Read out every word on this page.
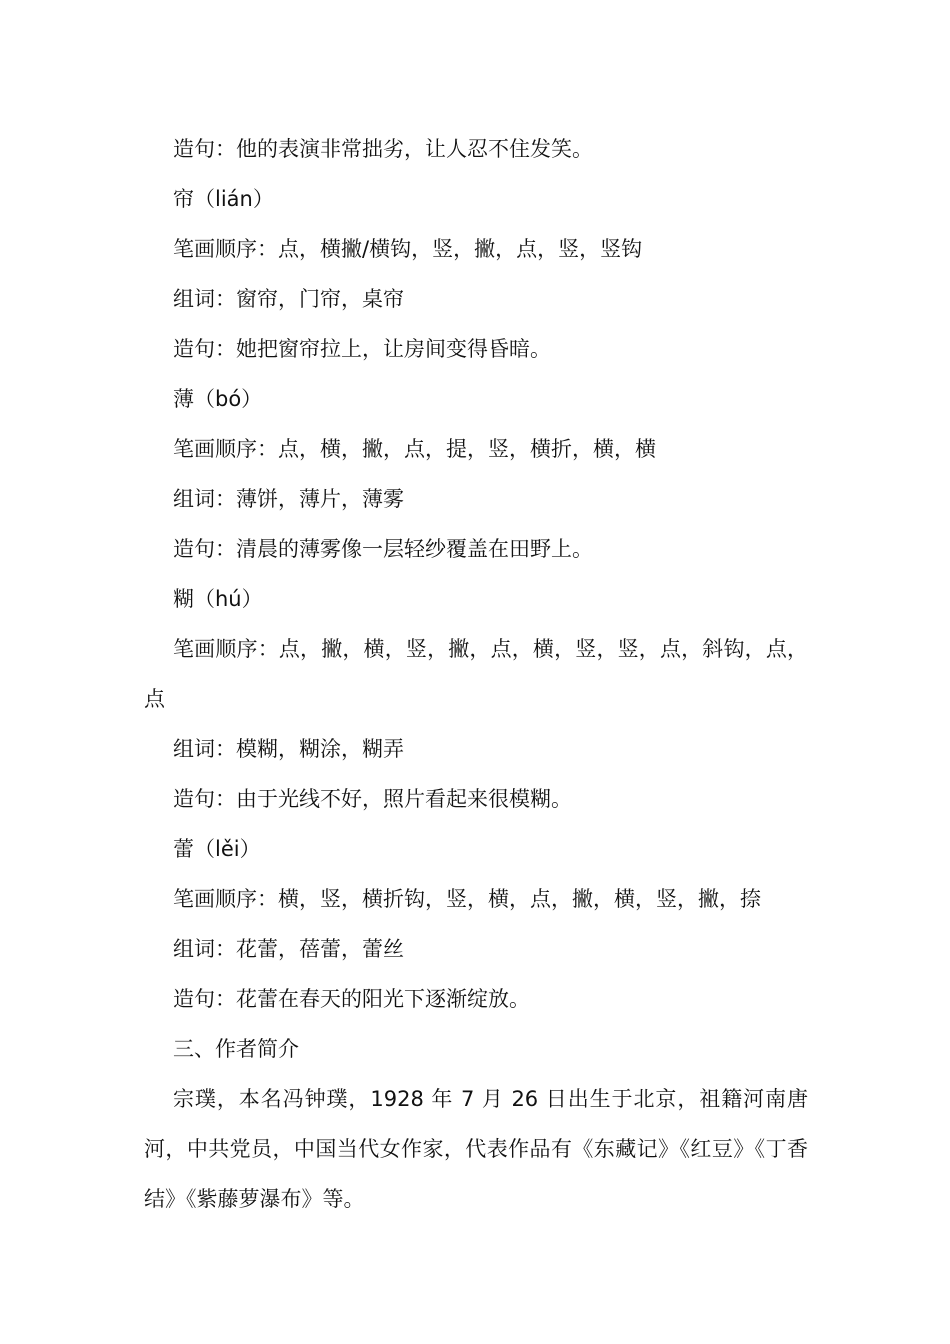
造句：他的表演非常拙劣，让人忍不住发笑。

帘（lián）

笔画顺序：点，横撇/横钩，竖，撇，点，竖，竖钩

组词：窗帘，门帘，桌帘

造句：她把窗帘拉上，让房间变得昏暗。

薄（bó）

笔画顺序：点，横，撇，点，提，竖，横折，横，横

组词：薄饼，薄片，薄雾

造句：清晨的薄雾像一层轻纱覆盖在田野上。

糊（hú）

笔画顺序：点，撇，横，竖，撇，点，横，竖，竖，点，斜钩，点，点

组词：模糊，糊涂，糊弄

造句：由于光线不好，照片看起来很模糊。

蕾（lěi）

笔画顺序：横，竖，横折钩，竖，横，点，撇，横，竖，撇，捺

组词：花蕾，蓓蕾，蕾丝

造句：花蕾在春天的阳光下逐渐绽放。

三、作者简介

宗璞，本名冯钟璞，1928 年 7 月 26 日出生于北京，祖籍河南唐河，中共党员，中国当代女作家，代表作品有《东藏记》《红豆》《丁香结》《紫藤萝瀑布》等。
